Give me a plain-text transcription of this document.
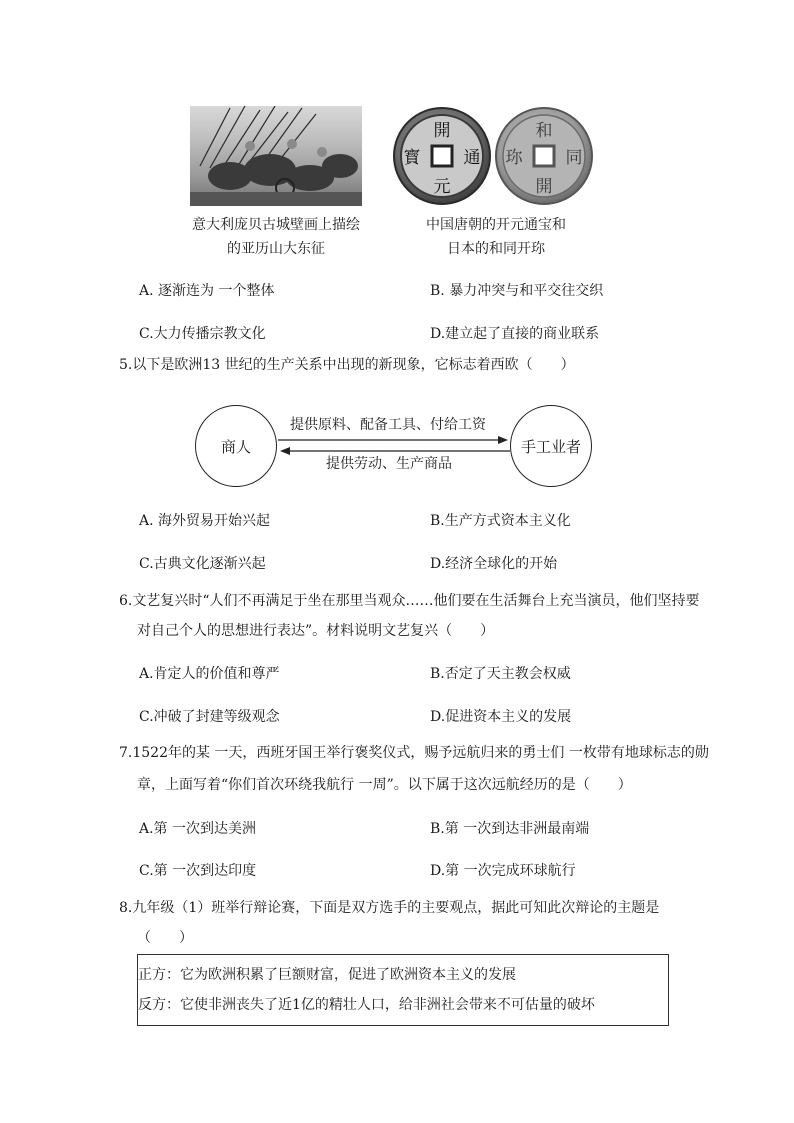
開
元
通
寳
和
同
開
珎
意大利庞贝古城壁画上描绘
的亚历山大东征
中国唐朝的开元通宝和
日本的和同开珎
A. 逐渐连为 一个整体	B. 暴力冲突与和平交往交织
C.大力传播宗教文化	D.建立起了直接的商业联系
5.以下是欧洲13 世纪的生产关系中出现的新现象，它标志着西欧（　　）
商人	手工业者
提供原料、配备工具、付给工资
提供劳动、生产商品
A. 海外贸易开始兴起	B.生产方式资本主义化
C.古典文化逐渐兴起	D.经济全球化的开始
6.文艺复兴时“人们不再满足于坐在那里当观众……他们要在生活舞台上充当演员，他们坚持要
对自己个人的思想进行表达”。材料说明文艺复兴（　　）
A.肯定人的价值和尊严	B.否定了天主教会权威
C.冲破了封建等级观念	D.促进资本主义的发展
7.1522年的某 一天，西班牙国王举行褒奖仪式，赐予远航归来的勇士们 一枚带有地球标志的勋
章，上面写着“你们首次环绕我航行 一周”。以下属于这次远航经历的是（　　）
A.第 一次到达美洲	B.第 一次到达非洲最南端
C.第 一次到达印度	D.第 一次完成环球航行
8.九年级（1）班举行辩论赛，下面是双方选手的主要观点，据此可知此次辩论的主题是
（　　）
正方：它为欧洲积累了巨额财富，促进了欧洲资本主义的发展
反方：它使非洲丧失了近1亿的精壮人口，给非洲社会带来不可估量的破坏
